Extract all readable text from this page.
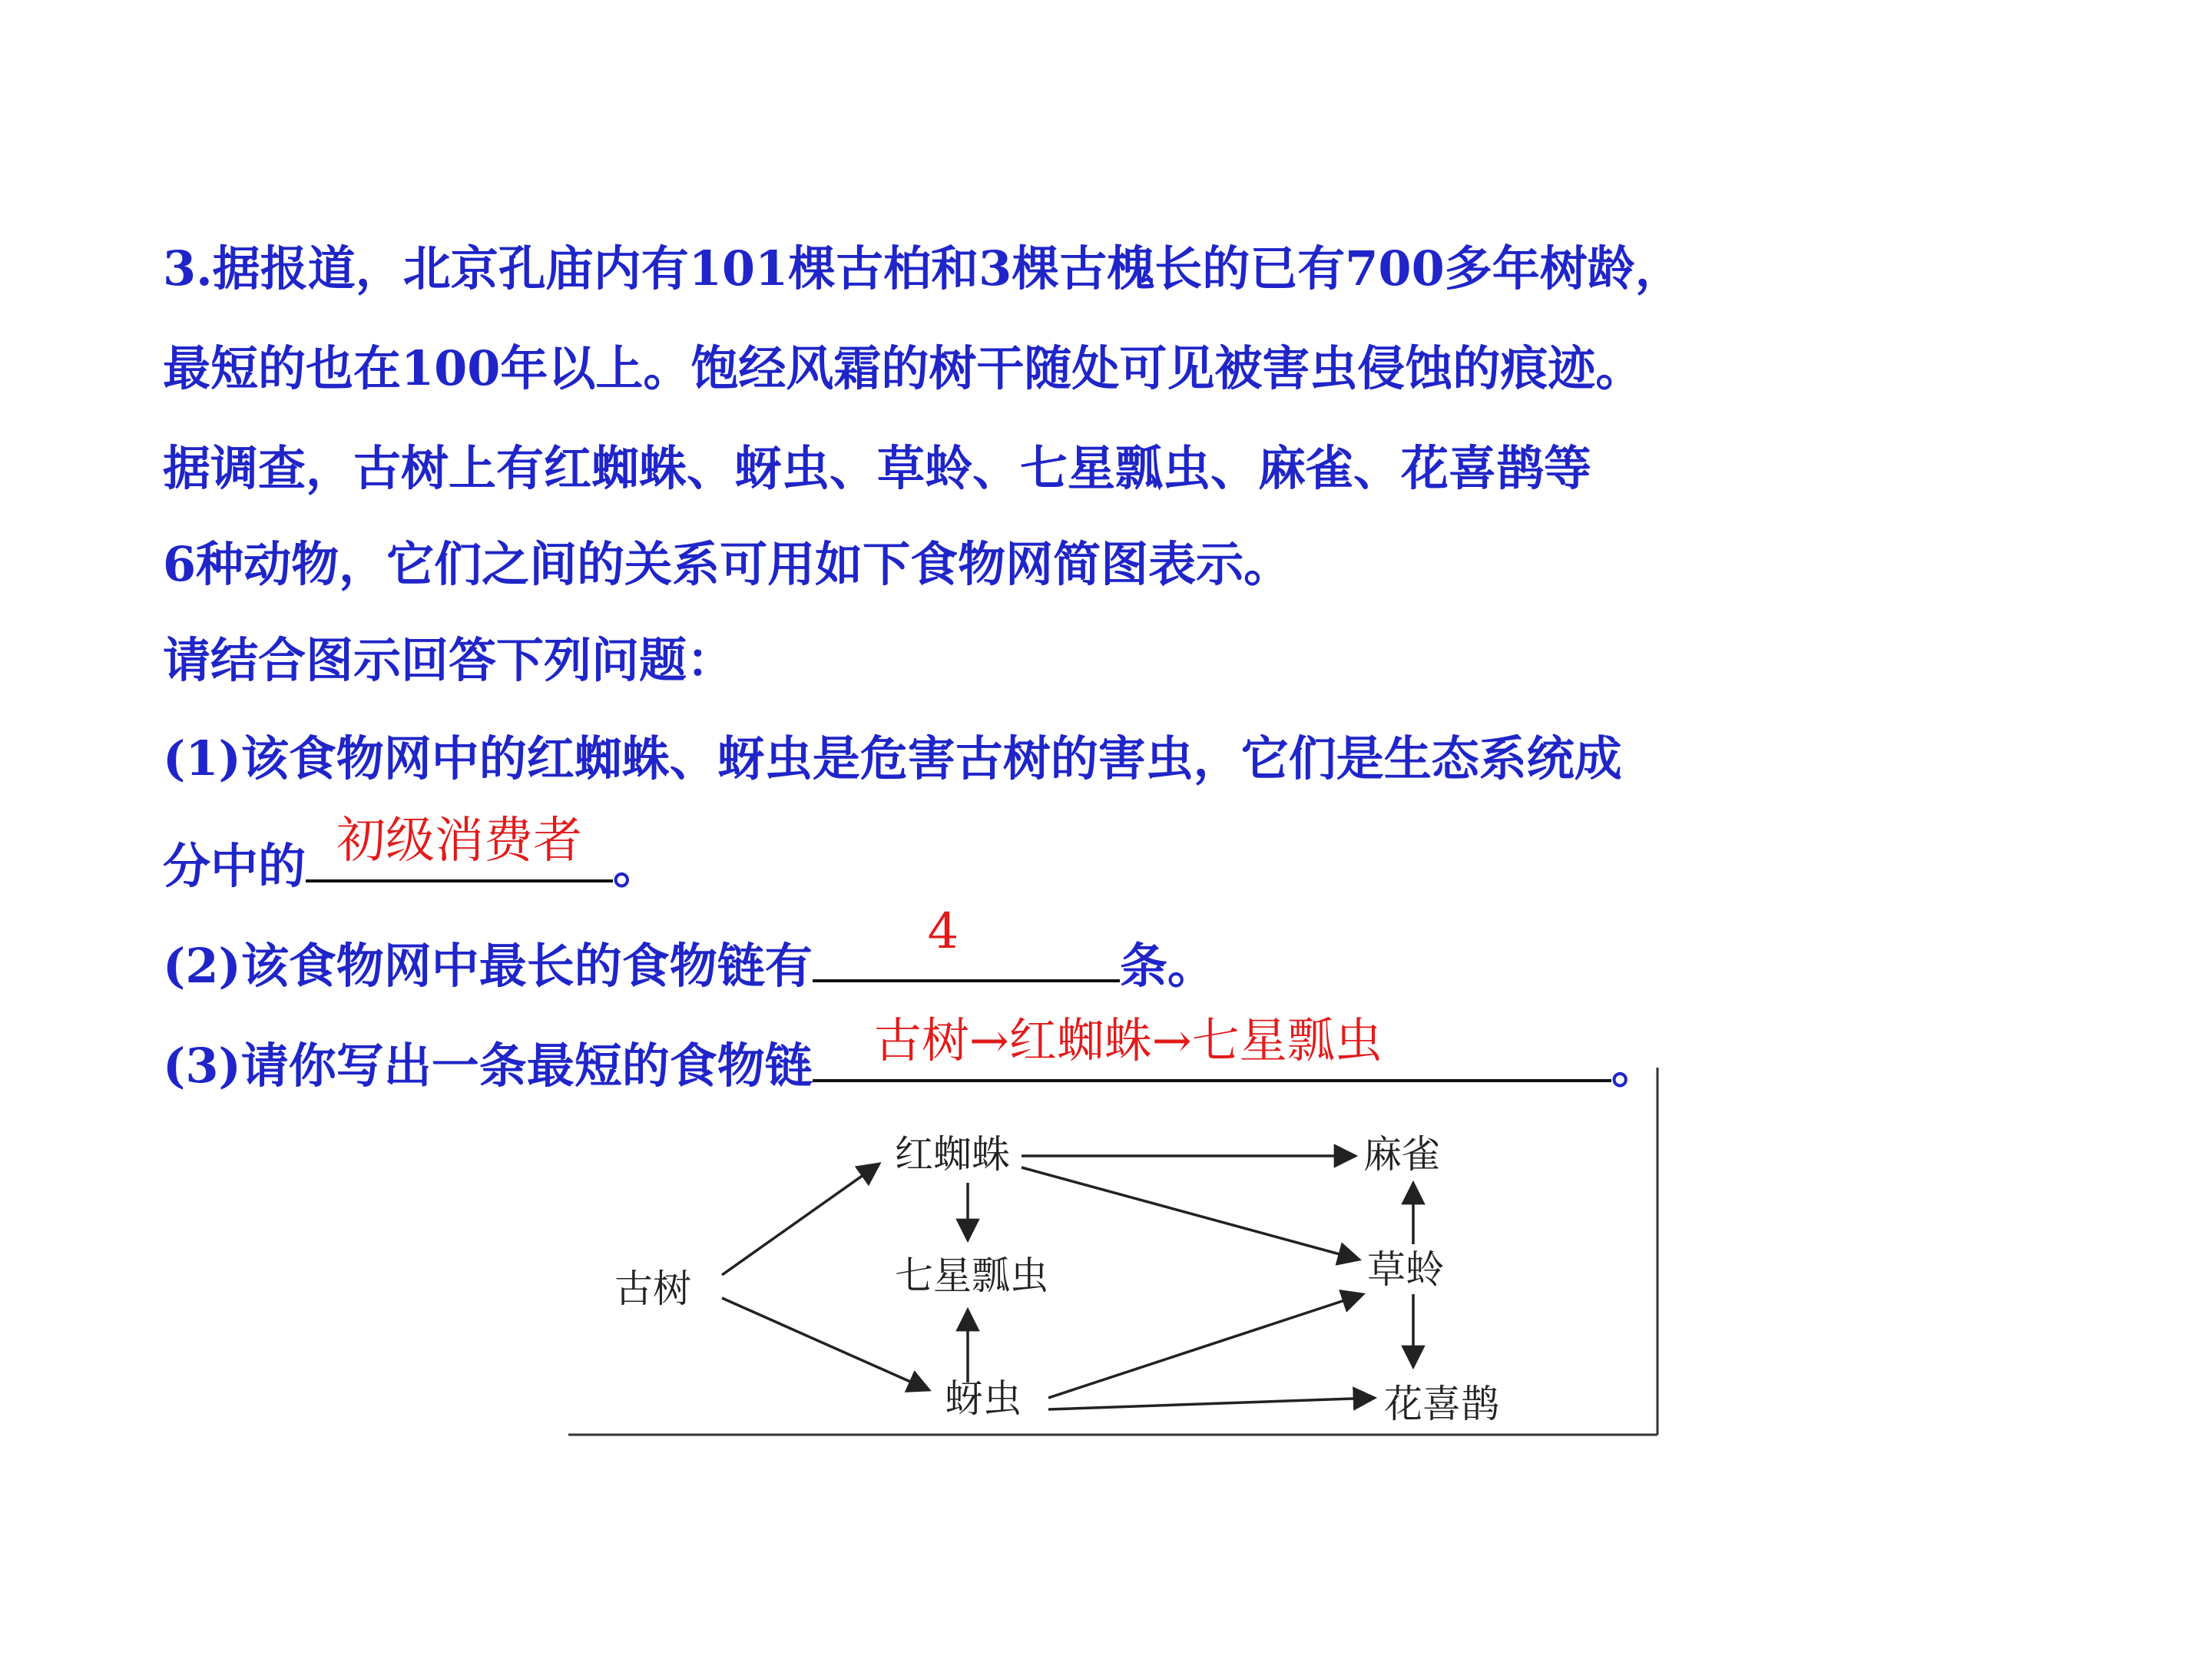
3.据报道，北京孔庙内有101棵古柏和3棵古槐长的已有700多年树龄，
最短的也在100年以上。饱经风霜的树干随处可见被害虫侵蚀的痕迹。
据调查，古树上有红蜘蛛、蚜虫、草蛉、七星瓢虫、麻雀、花喜鹊等
6种动物，它们之间的关系可用如下食物网简图表示。
请结合图示回答下列问题：
(1)该食物网中的红蜘蛛、蚜虫是危害古树的害虫，它们是生态系统成
分中的 初级消费者 。
(2)该食物网中最长的食物链有
4
条。
(3)请你写出一条最短的食物链	古树→红蜘蛛→七星瓢虫	。
古树
红蜘蛛
七星瓢虫
蚜虫
麻雀
草蛉
花喜鹊
